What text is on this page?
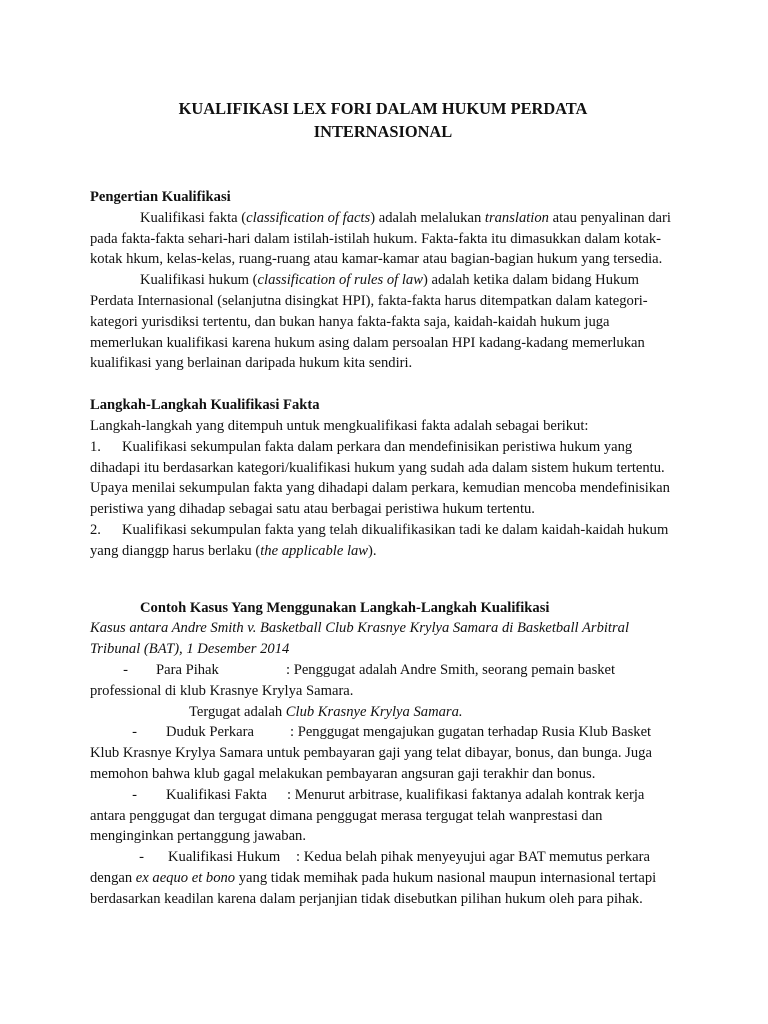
KUALIFIKASI LEX FORI DALAM HUKUM PERDATA INTERNASIONAL

Pengertian Kualifikasi

Kualifikasi fakta (classification of facts) adalah melalukan translation atau penyalinan dari pada fakta-fakta sehari-hari dalam istilah-istilah hukum. Fakta-fakta itu dimasukkan dalam kotak-kotak hkum, kelas-kelas, ruang-ruang atau kamar-kamar atau bagian-bagian hukum yang tersedia.

Kualifikasi hukum (classification of rules of law) adalah ketika dalam bidang Hukum Perdata Internasional (selanjutna disingkat HPI), fakta-fakta harus ditempatkan dalam kategori-kategori yurisdiksi tertentu, dan bukan hanya fakta-fakta saja, kaidah-kaidah hukum juga memerlukan kualifikasi karena hukum asing dalam persoalan HPI kadang-kadang memerlukan kualifikasi yang berlainan daripada hukum kita sendiri.

Langkah-Langkah Kualifikasi Fakta

Langkah-langkah yang ditempuh untuk mengkualifikasi fakta adalah sebagai berikut:

1. Kualifikasi sekumpulan fakta dalam perkara dan mendefinisikan peristiwa hukum yang dihadapi itu berdasarkan kategori/kualifikasi hukum yang sudah ada dalam sistem hukum tertentu. Upaya menilai sekumpulan fakta yang dihadapi dalam perkara, kemudian mencoba mendefinisikan peristiwa yang dihadap sebagai satu atau berbagai peristiwa hukum tertentu.

2. Kualifikasi sekumpulan fakta yang telah dikualifikasikan tadi ke dalam kaidah-kaidah hukum yang dianggp harus berlaku (the applicable law).

Contoh Kasus Yang Menggunakan Langkah-Langkah Kualifikasi

Kasus antara Andre Smith v. Basketball Club Krasnye Krylya Samara di Basketball Arbitral Tribunal (BAT), 1 Desember 2014

- Para Pihak	: Penggugat adalah Andre Smith, seorang pemain basket professional di klub Krasnye Krylya Samara.

Tergugat adalah Club Krasnye Krylya Samara.

- Duduk Perkara : Penggugat mengajukan gugatan terhadap Rusia Klub Basket Klub Krasnye Krylya Samara untuk pembayaran gaji yang telat dibayar, bonus, dan bunga. Juga memohon bahwa klub gagal melakukan pembayaran angsuran gaji terakhir dan bonus.

- Kualifikasi Fakta : Menurut arbitrase, kualifikasi faktanya adalah kontrak kerja antara penggugat dan tergugat dimana penggugat merasa tergugat telah wanprestasi dan menginginkan pertanggung jawaban.

- Kualifikasi Hukum : Kedua belah pihak menyeyujui agar BAT memutus perkara dengan ex aequo et bono yang tidak memihak pada hukum nasional maupun internasional tertapi berdasarkan keadilan karena dalam perjanjian tidak disebutkan pilihan hukum oleh para pihak.
